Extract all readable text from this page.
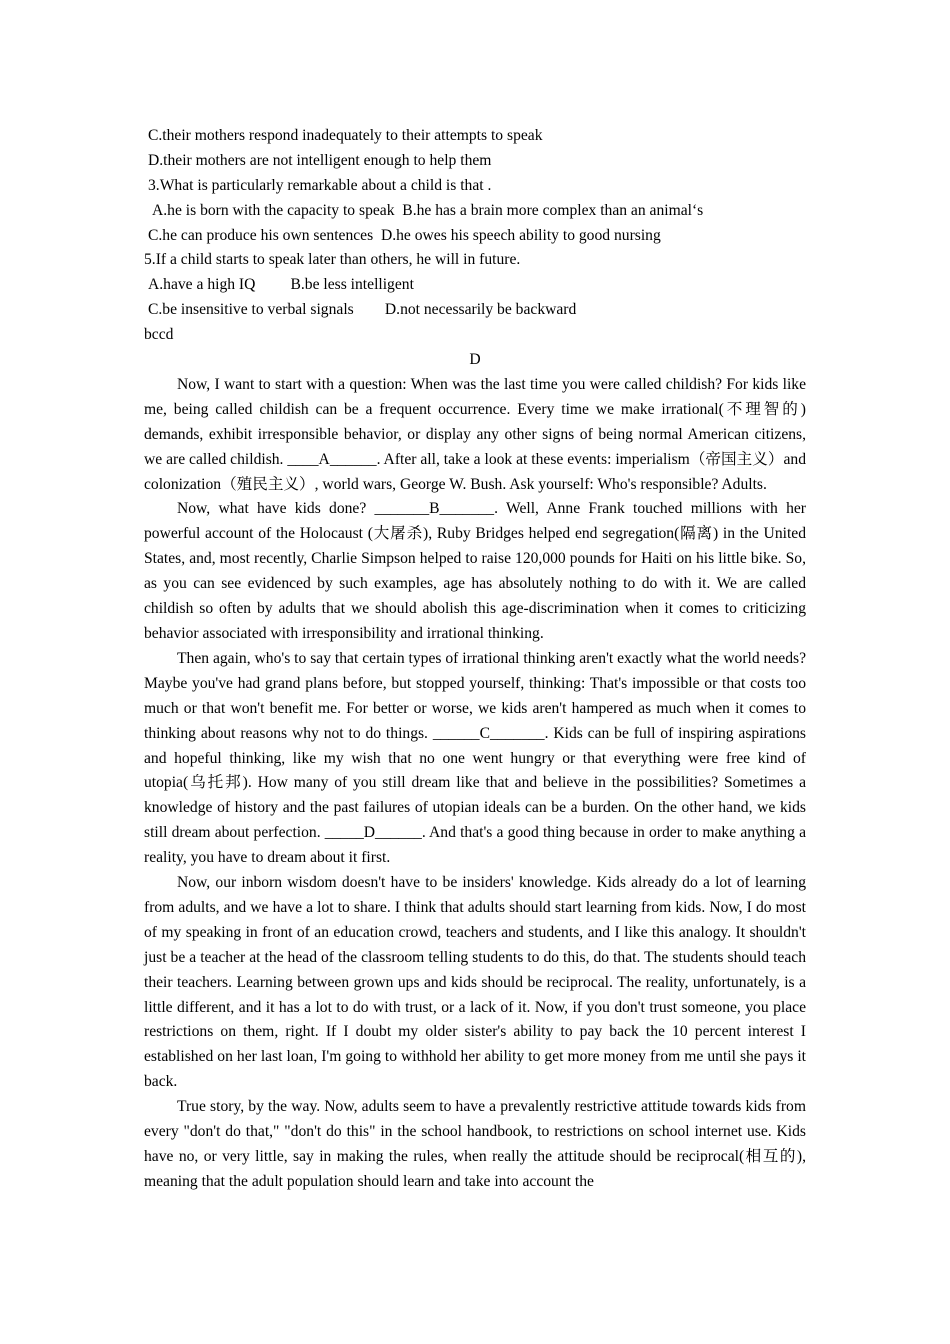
C.their mothers respond inadequately to their attempts to speak
D.their mothers are not intelligent enough to help them
3.What is particularly remarkable about a child is that .
A.he is born with the capacity to speak  B.he has a brain more complex than an animal‘s
C.he can produce his own sentences  D.he owes his speech ability to good nursing
5.If a child starts to speak later than others, he will in future.
A.have a high IQ         B.be less intelligent
C.be insensitive to verbal signals        D.not necessarily be backward
bccd
D

Now, I want to start with a question: When was the last time you were called childish? For kids like me, being called childish can be a frequent occurrence. Every time we make irrational(不理智的) demands, exhibit irresponsible behavior, or display any other signs of being normal American citizens, we are called childish. ____A______. After all, take a look at these events: imperialism（帝国主义）and colonization（殖民主义）, world wars, George W. Bush. Ask yourself: Who's responsible? Adults.

Now, what have kids done? _______B_______. Well, Anne Frank touched millions with her powerful account of the Holocaust (大屠杀), Ruby Bridges helped end segregation(隔离) in the United States, and, most recently, Charlie Simpson helped to raise 120,000 pounds for Haiti on his little bike. So, as you can see evidenced by such examples, age has absolutely nothing to do with it. We are called childish so often by adults that we should abolish this age-discrimination when it comes to criticizing behavior associated with irresponsibility and irrational thinking.

Then again, who's to say that certain types of irrational thinking aren't exactly what the world needs? Maybe you've had grand plans before, but stopped yourself, thinking: That's impossible or that costs too much or that won't benefit me. For better or worse, we kids aren't hampered as much when it comes to thinking about reasons why not to do things. ______C_______. Kids can be full of inspiring aspirations and hopeful thinking, like my wish that no one went hungry or that everything were free kind of utopia(乌托邦). How many of you still dream like that and believe in the possibilities? Sometimes a knowledge of history and the past failures of utopian ideals can be a burden. On the other hand, we kids still dream about perfection. _____D______. And that's a good thing because in order to make anything a reality, you have to dream about it first.

Now, our inborn wisdom doesn't have to be insiders' knowledge. Kids already do a lot of learning from adults, and we have a lot to share. I think that adults should start learning from kids. Now, I do most of my speaking in front of an education crowd, teachers and students, and I like this analogy. It shouldn't just be a teacher at the head of the classroom telling students to do this, do that. The students should teach their teachers. Learning between grown ups and kids should be reciprocal. The reality, unfortunately, is a little different, and it has a lot to do with trust, or a lack of it. Now, if you don't trust someone, you place restrictions on them, right. If I doubt my older sister's ability to pay back the 10 percent interest I established on her last loan, I'm going to withhold her ability to get more money from me until she pays it back.

True story, by the way. Now, adults seem to have a prevalently restrictive attitude towards kids from every "don't do that," "don't do this" in the school handbook, to restrictions on school internet use. Kids have no, or very little, say in making the rules, when really the attitude should be reciprocal(相互的), meaning that the adult population should learn and take into account the
